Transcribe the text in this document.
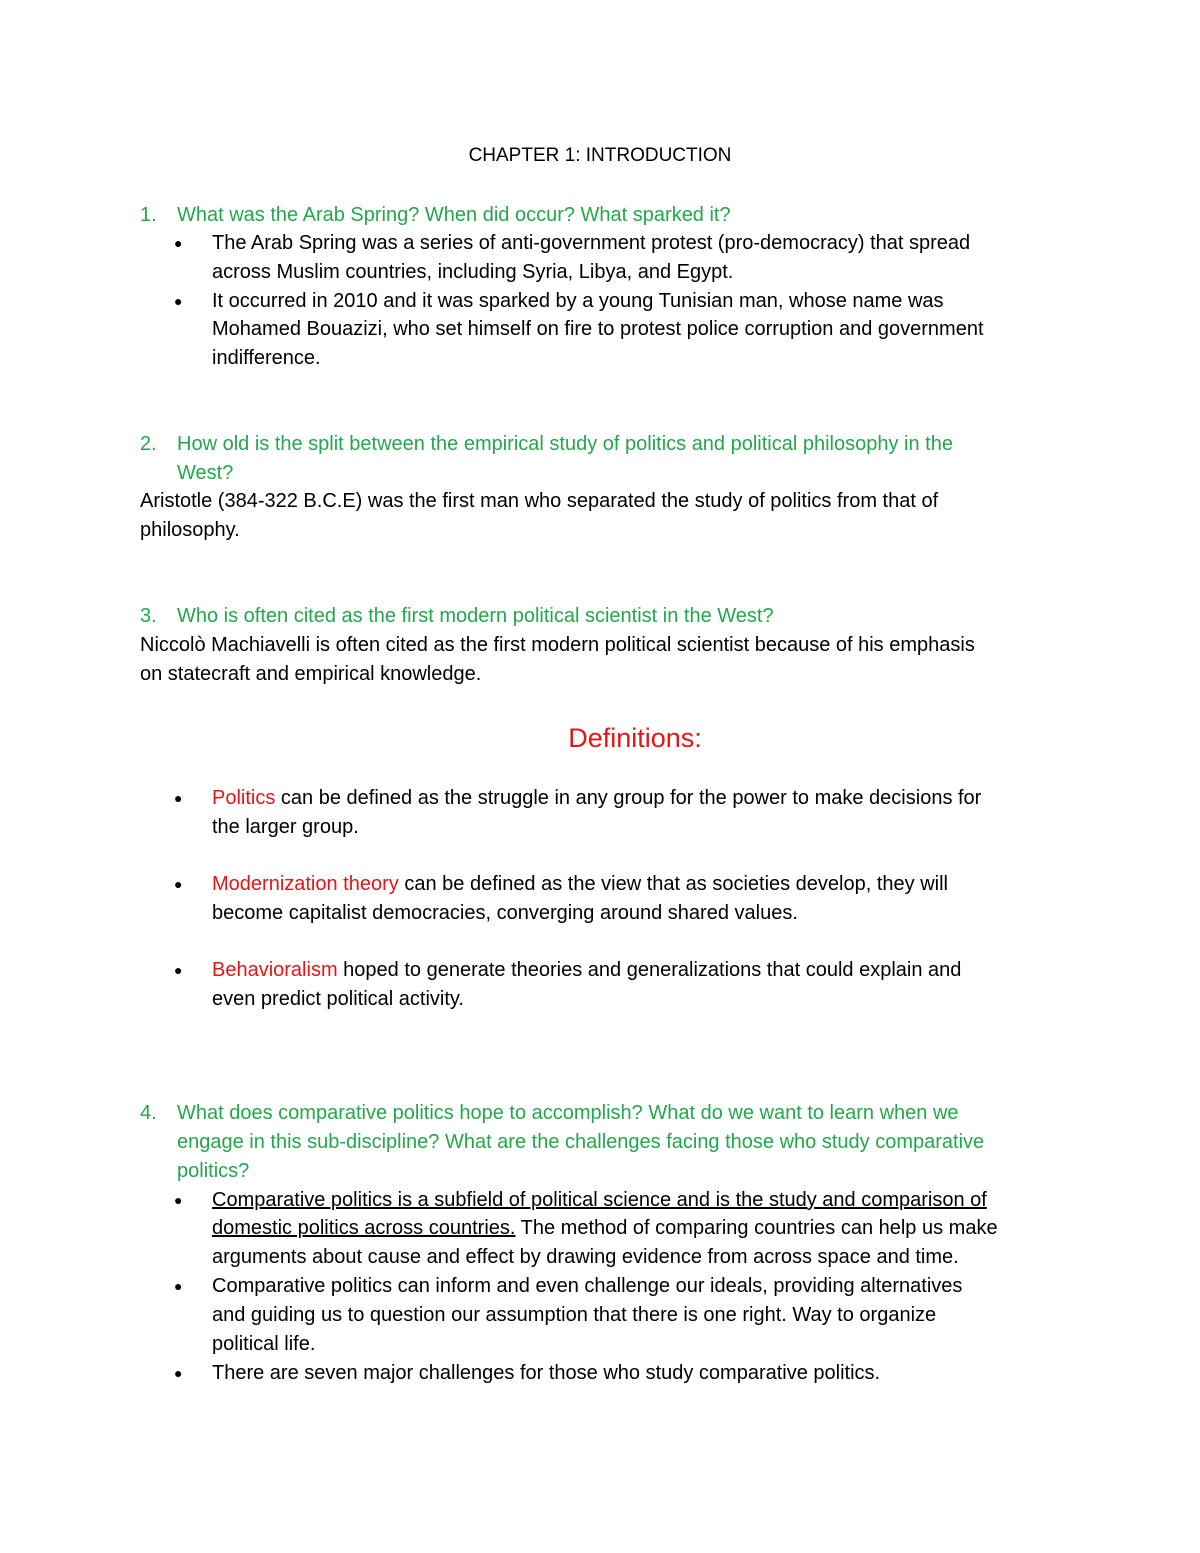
CHAPTER 1: INTRODUCTION
1. What was the Arab Spring? When did occur? What sparked it?
● The Arab Spring was a series of anti-government protest (pro-democracy) that spread
across Muslim countries, including Syria, Libya, and Egypt.
● It occurred in 2010 and it was sparked by a young Tunisian man, whose name was
Mohamed Bouazizi, who set himself on fire to protest police corruption and government
indifference.
2. How old is the split between the empirical study of politics and political philosophy in the
West?
Aristotle (384-322 B.C.E) was the first man who separated the study of politics from that of
philosophy.
3. Who is often cited as the first modern political scientist in the West?
Niccolò Machiavelli is often cited as the first modern political scientist because of his emphasis
on statecraft and empirical knowledge.
Definitions:
● Politics can be defined as the struggle in any group for the power to make decisions for
the larger group.
● Modernization theory can be defined as the view that as societies develop, they will
become capitalist democracies, converging around shared values.
● Behavioralism hoped to generate theories and generalizations that could explain and
even predict political activity.
4. What does comparative politics hope to accomplish? What do we want to learn when we
engage in this sub-discipline? What are the challenges facing those who study comparative
politics?
● Comparative politics is a subfield of political science and is the study and comparison of
domestic politics across countries. The method of comparing countries can help us make
arguments about cause and effect by drawing evidence from across space and time.
● Comparative politics can inform and even challenge our ideals, providing alternatives
and guiding us to question our assumption that there is one right. Way to organize
political life.
● There are seven major challenges for those who study comparative politics.
